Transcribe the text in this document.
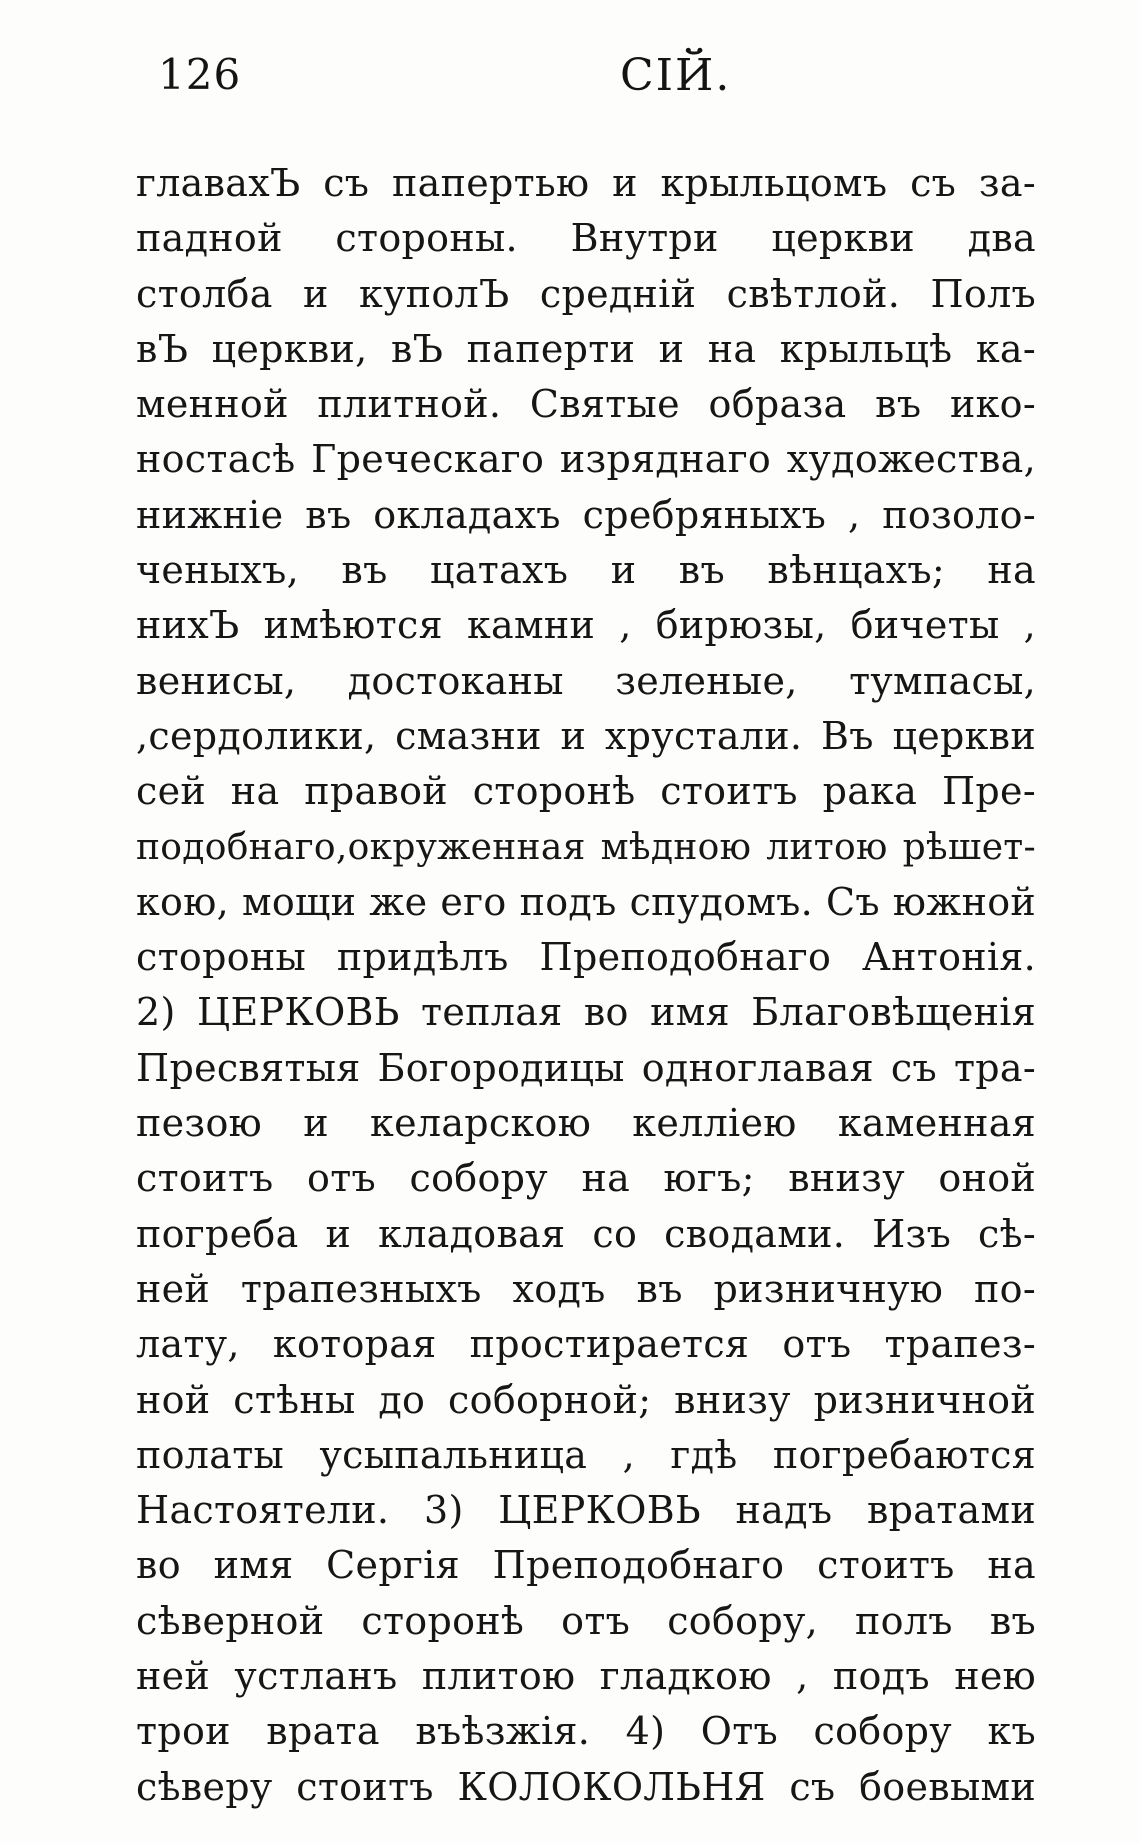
126	CIЙ.
главахЪ съ папертью и крыльцомъ съ за-
падной стороны. Внутри церкви два
столба и куполЪ средній свѣтлой. Полъ
вЪ церкви, вЪ паперти и на крыльцѣ ка-
менной плитной. Святые образа въ ико-
ностасѣ Греческаго изряднаго художества,
нижніе въ окладахъ сребряныхъ , позоло-
ченыхъ, въ цатахъ и въ вѣнцахъ; на
нихЪ имѣются камни , бирюзы, бичеты ,
венисы, достоканы зеленые, тумпасы,
,сердолики, смазни и хрустали. Въ церкви
сей на правой сторонѣ стоитъ рака Пре-
подобнаго,окруженная мѣдною литою рѣшет-
кою, мощи же его подъ спудомъ. Съ южной
стороны придѣлъ Преподобнаго Антонія.
2) ЦЕРКОВЬ теплая во имя Благовѣщенія
Пресвятыя Богородицы одноглавая съ тра-
пезою и келарскою келліею каменная
стоитъ отъ собору на югъ; внизу оной
погреба и кладовая со сводами. Изъ сѣ-
ней трапезныхъ ходъ въ ризничную по-
лату, которая простирается отъ трапез-
ной стѣны до соборной; внизу ризничной
полаты усыпальница , гдѣ погребаются
Настоятели. 3) ЦЕРКОВЬ надъ вратами
во имя Сергія Преподобнаго стоитъ на
сѣверной сторонѣ отъ собору, полъ въ
ней устланъ плитою гладкою , подъ нею
трои врата въѣзжія. 4) Отъ собору къ
сѣверу стоитъ КОЛОКОЛЬНЯ съ боевыми
